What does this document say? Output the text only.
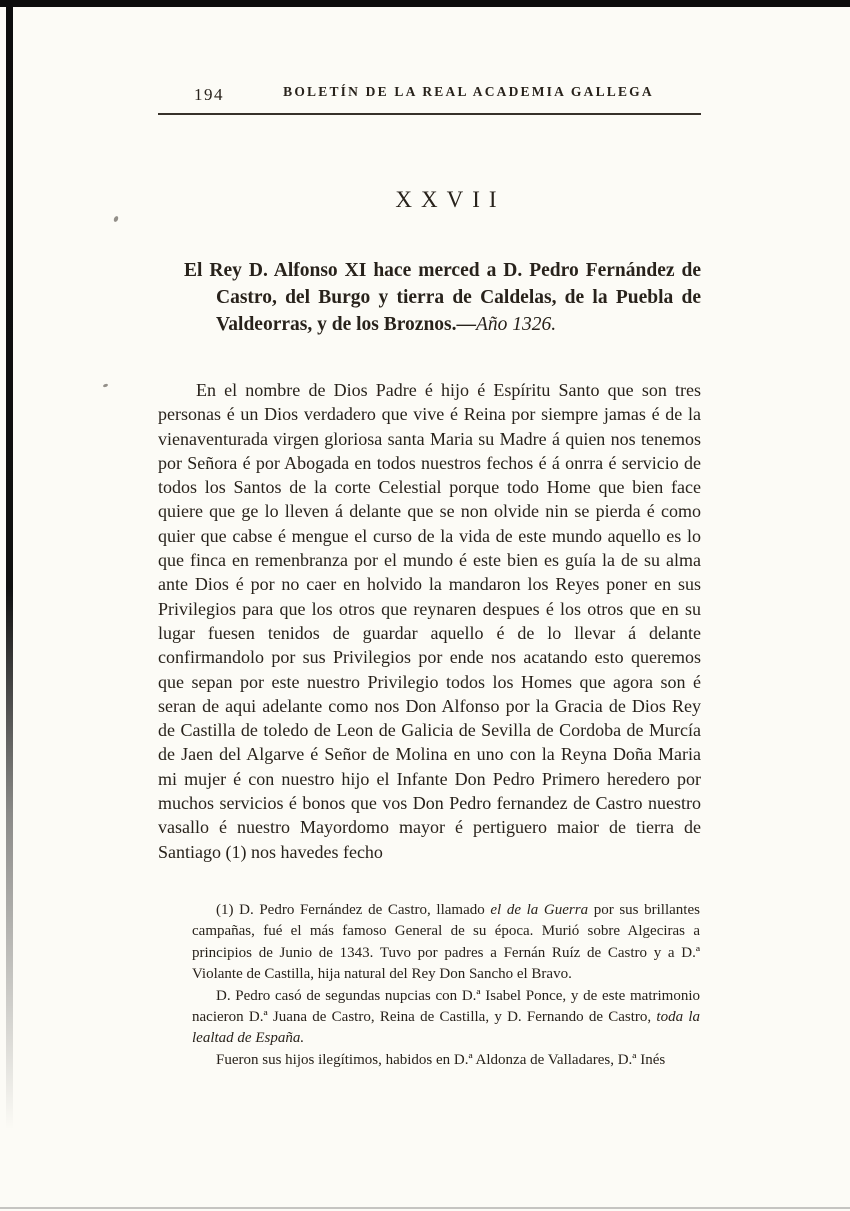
194	BOLETÍN DE LA REAL ACADEMIA GALLEGA
XXVII
El Rey D. Alfonso XI hace merced a D. Pedro Fernández de Castro, del Burgo y tierra de Caldelas, de la Puebla de Valdeorras, y de los Broznos.—Año 1326.

En el nombre de Dios Padre é hijo é Espíritu Santo que son tres personas é un Dios verdadero que vive é Reina por siempre jamas é de la vienaventurada virgen gloriosa santa Maria su Madre á quien nos tenemos por Señora é por Abogada en todos nuestros fechos é á onrra é servicio de todos los Santos de la corte Celestial porque todo Home que bien face quiere que ge lo lleven á delante que se non olvide nin se pierda é como quier que cabse é mengue el curso de la vida de este mundo aquello es lo que finca en remenbranza por el mundo é este bien es guía la de su alma ante Dios é por no caer en holvido la mandaron los Reyes poner en sus Privilegios para que los otros que reynaren despues é los otros que en su lugar fuesen tenidos de guardar aquello é de lo llevar á delante confirmandolo por sus Privilegios por ende nos acatando esto queremos que sepan por este nuestro Privilegio todos los Homes que agora son é seran de aqui adelante como nos Don Alfonso por la Gracia de Dios Rey de Castilla de toledo de Leon de Galicia de Sevilla de Cordoba de Murcía de Jaen del Algarve é Señor de Molina en uno con la Reyna Doña Maria mi mujer é con nuestro hijo el Infante Don Pedro Primero heredero por muchos servicios é bonos que vos Don Pedro fernandez de Castro nuestro vasallo é nuestro Mayordomo mayor é pertiguero maior de tierra de Santiago (1) nos havedes fecho

(1) D. Pedro Fernández de Castro, llamado el de la Guerra por sus brillantes campañas, fué el más famoso General de su época. Murió sobre Algeciras a principios de Junio de 1343. Tuvo por padres a Fernán Ruíz de Castro y a D.ª Violante de Castilla, hija natural del Rey Don Sancho el Bravo.

D. Pedro casó de segundas nupcias con D.ª Isabel Ponce, y de este matrimonio nacieron D.ª Juana de Castro, Reina de Castilla, y D. Fernando de Castro, toda la lealtad de España.

Fueron sus hijos ilegítimos, habidos en D.ª Aldonza de Valladares, D.ª Inés
